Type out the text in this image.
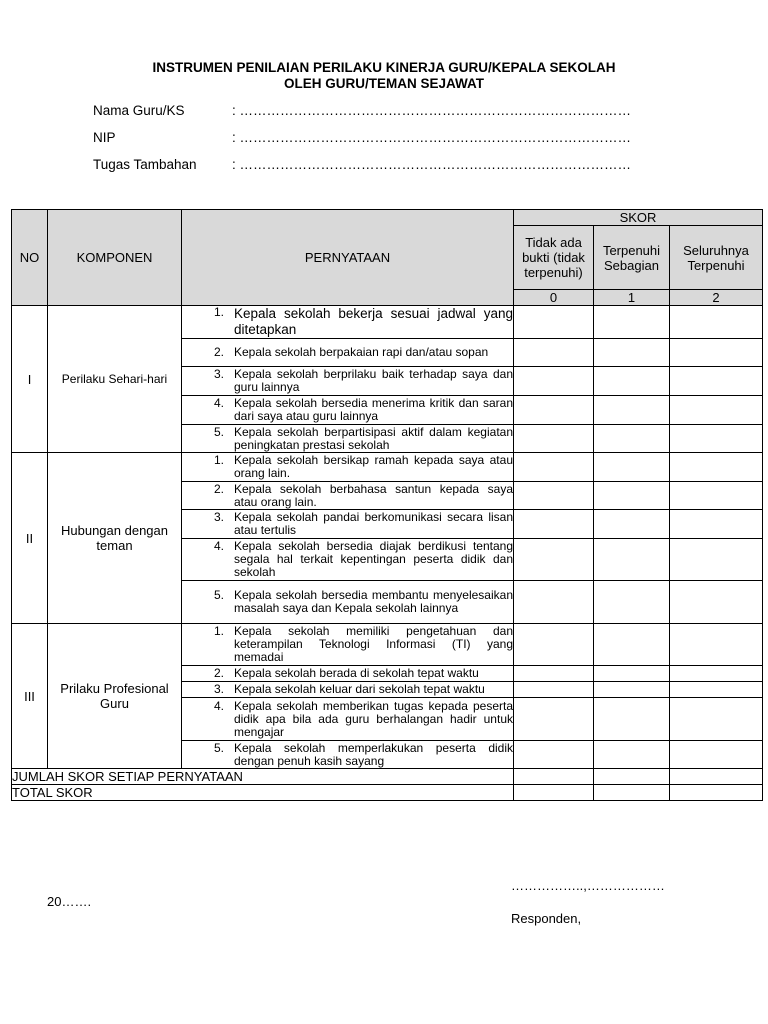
INSTRUMEN PENILAIAN PERILAKU KINERJA GURU/KEPALA SEKOLAH
OLEH GURU/TEMAN SEJAWAT
Nama Guru/KS	: ……………………………………………………………………………
NIP	: ……………………………………………………………………………
Tugas Tambahan	: ……………………………………………………………………………
NO	KOMPONEN	PERNYATAAN	SKOR		
			Tidak ada bukti (tidak terpenuhi)	Terpenuhi Sebagian	Seluruhnya Terpenuhi
			0	1	2
I	Perilaku Sehari-hari	1. Kepala sekolah bekerja sesuai jadwal yang ditetapkan			

		2. Kepala sekolah berpakaian rapi dan/atau sopan			

		3. Kepala sekolah berprilaku baik terhadap saya dan guru lainnya			

		4. Kepala sekolah bersedia menerima kritik dan saran dari saya atau guru lainnya			

		5. Kepala sekolah berpartisipasi aktif dalam kegiatan peningkatan prestasi sekolah			

II	Hubungan dengan teman	1. Kepala sekolah bersikap ramah kepada saya atau orang lain.			

		2. Kepala sekolah berbahasa santun kepada saya atau orang lain.			

		3. Kepala sekolah pandai berkomunikasi secara lisan atau tertulis			

		4. Kepala sekolah bersedia diajak berdikusi tentang segala hal terkait kepentingan peserta didik dan sekolah			

		5. Kepala sekolah bersedia membantu menyelesaikan masalah saya dan Kepala sekolah lainnya			

III	Prilaku Profesional Guru	1. Kepala sekolah memiliki pengetahuan dan keterampilan Teknologi Informasi (TI) yang memadai			

		2. Kepala sekolah berada di sekolah tepat waktu			

		3. Kepala sekolah keluar dari sekolah tepat waktu			

		4. Kepala sekolah memberikan tugas kepada peserta didik apa bila ada guru berhalangan hadir untuk mengajar			

		5. Kepala sekolah memperlakukan peserta didik dengan penuh kasih sayang			

JUMLAH SKOR SETIAP PERNYATAAN					
TOTAL SKOR					
……………..,………………
20…….
Responden,
